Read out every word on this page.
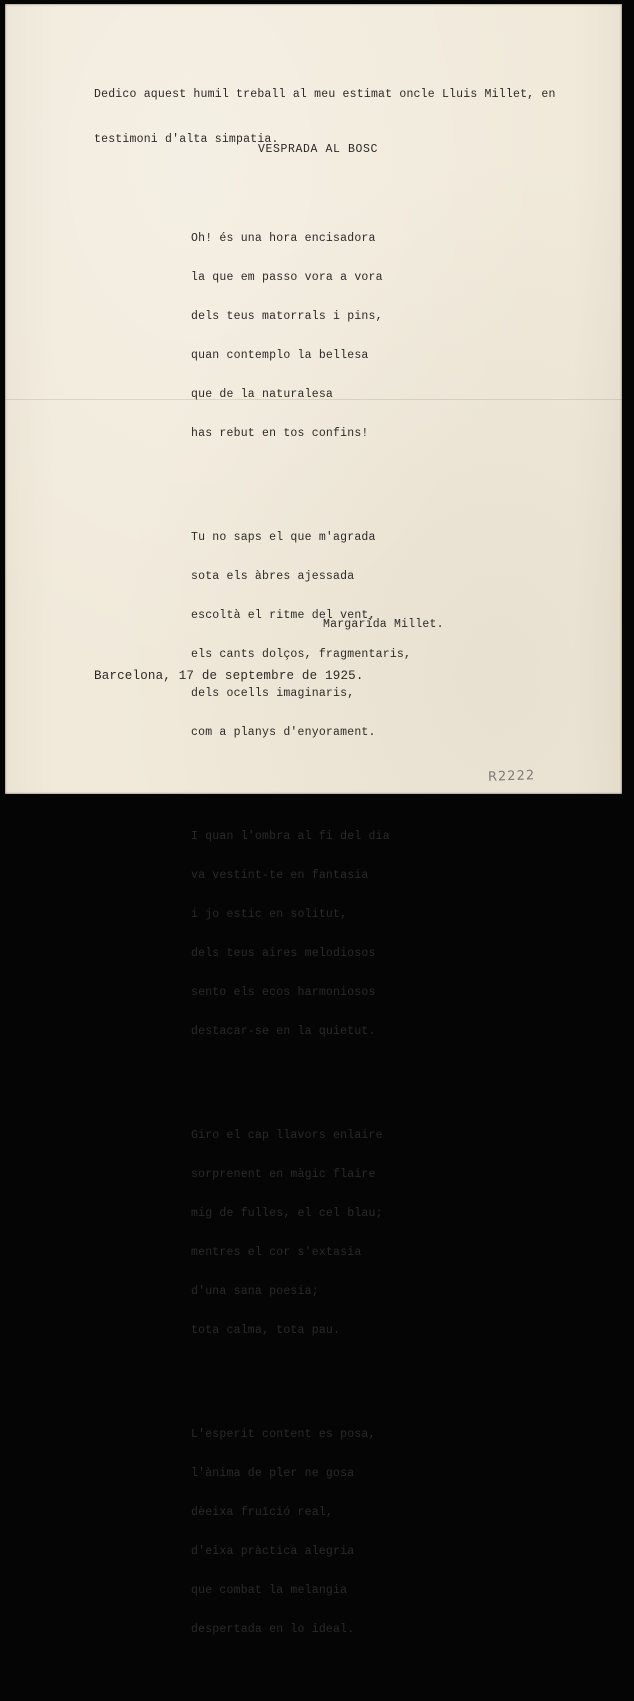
Dedico aquest humil treball al meu estimat oncle Lluis Millet, en

testimoni d'alta simpatia.

VESPRADA AL BOSC

Oh! és una hora encisadora

la que em passo vora a vora

dels teus matorrals i pins,

quan contemplo la bellesa

que de la naturalesa

has rebut en tos confins!

Tu no saps el que m'agrada

sota els àbres ajessada

escoltà el ritme del vent,

els cants dolços, fragmentaris,

dels ocells imaginaris,

com a planys d'enyorament.

I quan l'ombra al fi del dia

va vestint-te en fantasia

i jo estic en solitut,

dels teus aires melodiosos

sento els ecos harmoniosos

destacar-se en la quietut.

Giro el cap llavors enlaire

sorprenent en màgic flaire

mig de fulles, el cel blau;

mentres el cor s'extasia

d'una sana poesia;

tota calma, tota pau.

L'esperit content es posa,

l'ànima de pler ne gosa

dèeixa fruïció real,

d'eixa pràctica alegria

que combat la melangia

despertada en lo ideal.

Margarida Millet.
Barcelona, 17 de septembre de 1925.
R2222
